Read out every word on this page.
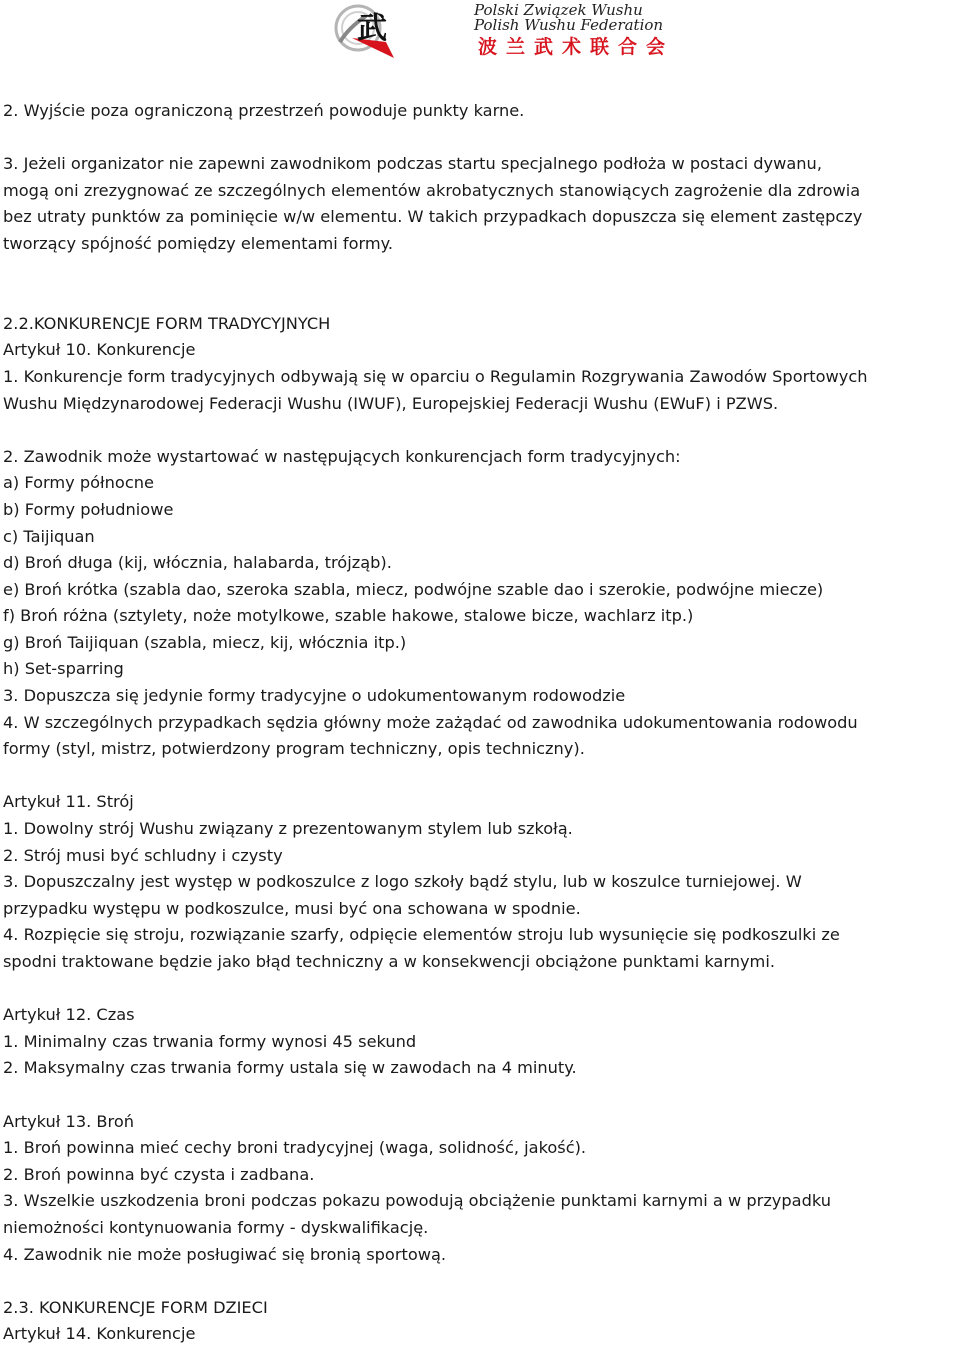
武
Polski Związek Wushu
Polish Wushu Federation
波兰武术联合会

2. Wyjście poza ograniczoną przestrzeń powoduje punkty karne.

3. Jeżeli organizator nie zapewni zawodnikom podczas startu specjalnego podłoża w postaci dywanu,

mogą oni zrezygnować ze szczególnych elementów akrobatycznych stanowiących zagrożenie dla zdrowia

bez utraty punktów za pominięcie w/w elementu. W takich przypadkach dopuszcza się element zastępczy

tworzący spójność pomiędzy elementami formy.

2.2.KONKURENCJE FORM TRADYCYJNYCH

Artykuł 10. Konkurencje

1. Konkurencje form tradycyjnych odbywają się w oparciu o Regulamin Rozgrywania Zawodów Sportowych

Wushu Międzynarodowej Federacji Wushu (IWUF), Europejskiej Federacji Wushu (EWuF) i PZWS.

2. Zawodnik może wystartować w następujących konkurencjach form tradycyjnych:

a) Formy północne

b) Formy południowe

c) Taijiquan

d) Broń długa (kij, włócznia, halabarda, trójząb).

e) Broń krótka (szabla dao, szeroka szabla, miecz, podwójne szable dao i szerokie, podwójne miecze)

f) Broń różna (sztylety, noże motylkowe, szable hakowe, stalowe bicze, wachlarz itp.)

g) Broń Taijiquan (szabla, miecz, kij, włócznia itp.)

h) Set-sparring

3. Dopuszcza się jedynie formy tradycyjne o udokumentowanym rodowodzie

4. W szczególnych przypadkach sędzia główny może zażądać od zawodnika udokumentowania rodowodu

formy (styl, mistrz, potwierdzony program techniczny, opis techniczny).

Artykuł 11. Strój

1. Dowolny strój Wushu związany z prezentowanym stylem lub szkołą.

2. Strój musi być schludny i czysty

3. Dopuszczalny jest występ w podkoszulce z logo szkoły bądź stylu, lub w koszulce turniejowej. W

przypadku występu w podkoszulce, musi być ona schowana w spodnie.

4. Rozpięcie się stroju, rozwiązanie szarfy, odpięcie elementów stroju lub wysunięcie się podkoszulki ze

spodni traktowane będzie jako błąd techniczny a w konsekwencji obciążone punktami karnymi.

Artykuł 12. Czas

1. Minimalny czas trwania formy wynosi 45 sekund

2. Maksymalny czas trwania formy ustala się w zawodach na 4 minuty.

Artykuł 13. Broń

1. Broń powinna mieć cechy broni tradycyjnej (waga, solidność, jakość).

2. Broń powinna być czysta i zadbana.

3. Wszelkie uszkodzenia broni podczas pokazu powodują obciążenie punktami karnymi a w przypadku

niemożności kontynuowania formy - dyskwalifikację.

4. Zawodnik nie może posługiwać się bronią sportową.

2.3. KONKURENCJE FORM DZIECI

Artykuł 14. Konkurencje
